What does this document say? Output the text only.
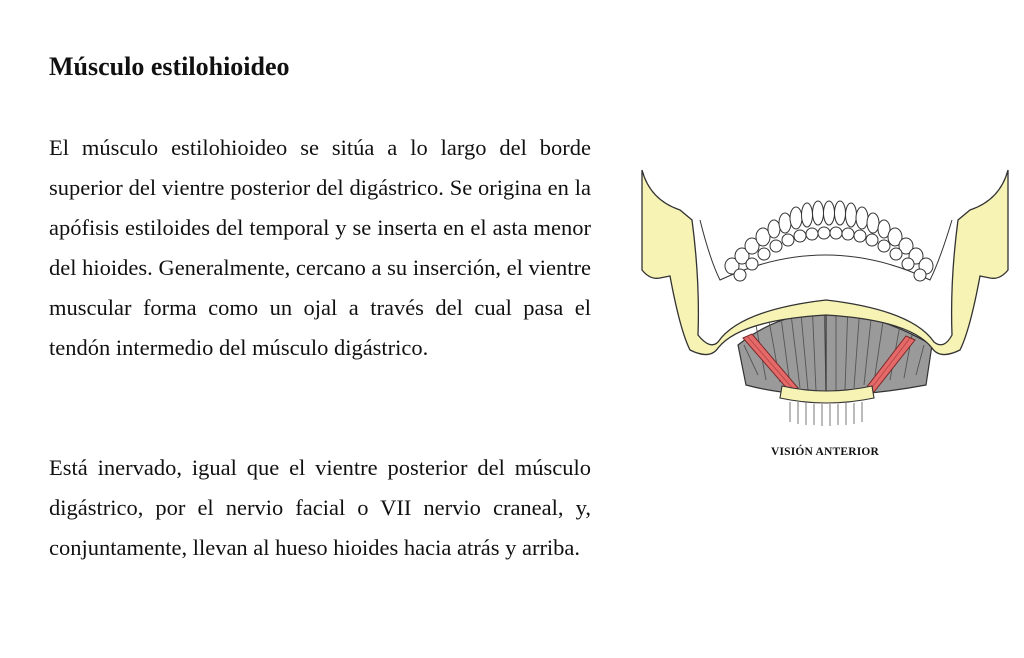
Músculo estilohioideo

El músculo estilohioideo se sitúa a lo largo del borde superior del vientre posterior del digástrico. Se origina en la apófisis estiloides del temporal y se inserta en el asta menor del hioides. Generalmente, cercano a su inserción, el vientre muscular forma como un ojal a través del cual pasa el tendón intermedio del músculo digástrico.

Está inervado, igual que el vientre posterior del músculo digástrico, por el nervio facial o VII nervio craneal, y, conjuntamente, llevan al hueso hioides hacia atrás y arriba.

VISIÓN ANTERIOR
